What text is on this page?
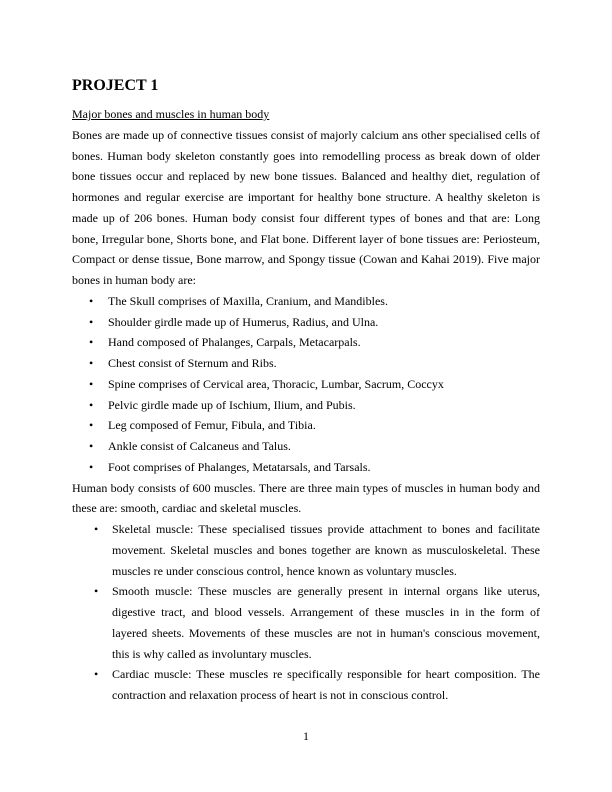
PROJECT 1

Major bones and muscles in human body

Bones are made up of connective tissues consist of majorly calcium ans other specialised cells of bones. Human body skeleton constantly goes into remodelling process as break down of older bone tissues occur and replaced by new bone tissues. Balanced and healthy diet, regulation of hormones and regular exercise are important for healthy bone structure. A healthy skeleton is made up of 206 bones. Human body consist four different types of bones and that are: Long bone, Irregular bone, Shorts bone, and Flat bone. Different layer of bone tissues are: Periosteum, Compact or dense tissue, Bone marrow, and Spongy tissue (Cowan and Kahai 2019). Five major bones in human body are:

• The Skull comprises of Maxilla, Cranium, and Mandibles.
• Shoulder girdle made up of Humerus, Radius, and Ulna.
• Hand composed of Phalanges, Carpals, Metacarpals.
• Chest consist of Sternum and Ribs.
• Spine comprises of Cervical area, Thoracic, Lumbar, Sacrum, Coccyx
• Pelvic girdle made up of Ischium, Ilium, and Pubis.
• Leg composed of Femur, Fibula, and Tibia.
• Ankle consist of Calcaneus and Talus.
• Foot comprises of Phalanges, Metatarsals, and Tarsals.

Human body consists of 600 muscles. There are three main types of muscles in human body and these are: smooth, cardiac and skeletal muscles.

• Skeletal muscle: These specialised tissues provide attachment to bones and facilitate movement. Skeletal muscles and bones together are known as musculoskeletal. These muscles re under conscious control, hence known as voluntary muscles.
• Smooth muscle: These muscles are generally present in internal organs like uterus, digestive tract, and blood vessels. Arrangement of these muscles in in the form of layered sheets. Movements of these muscles are not in human's conscious movement, this is why called as involuntary muscles.
• Cardiac muscle: These muscles re specifically responsible for heart composition. The contraction and relaxation process of heart is not in conscious control.
1
